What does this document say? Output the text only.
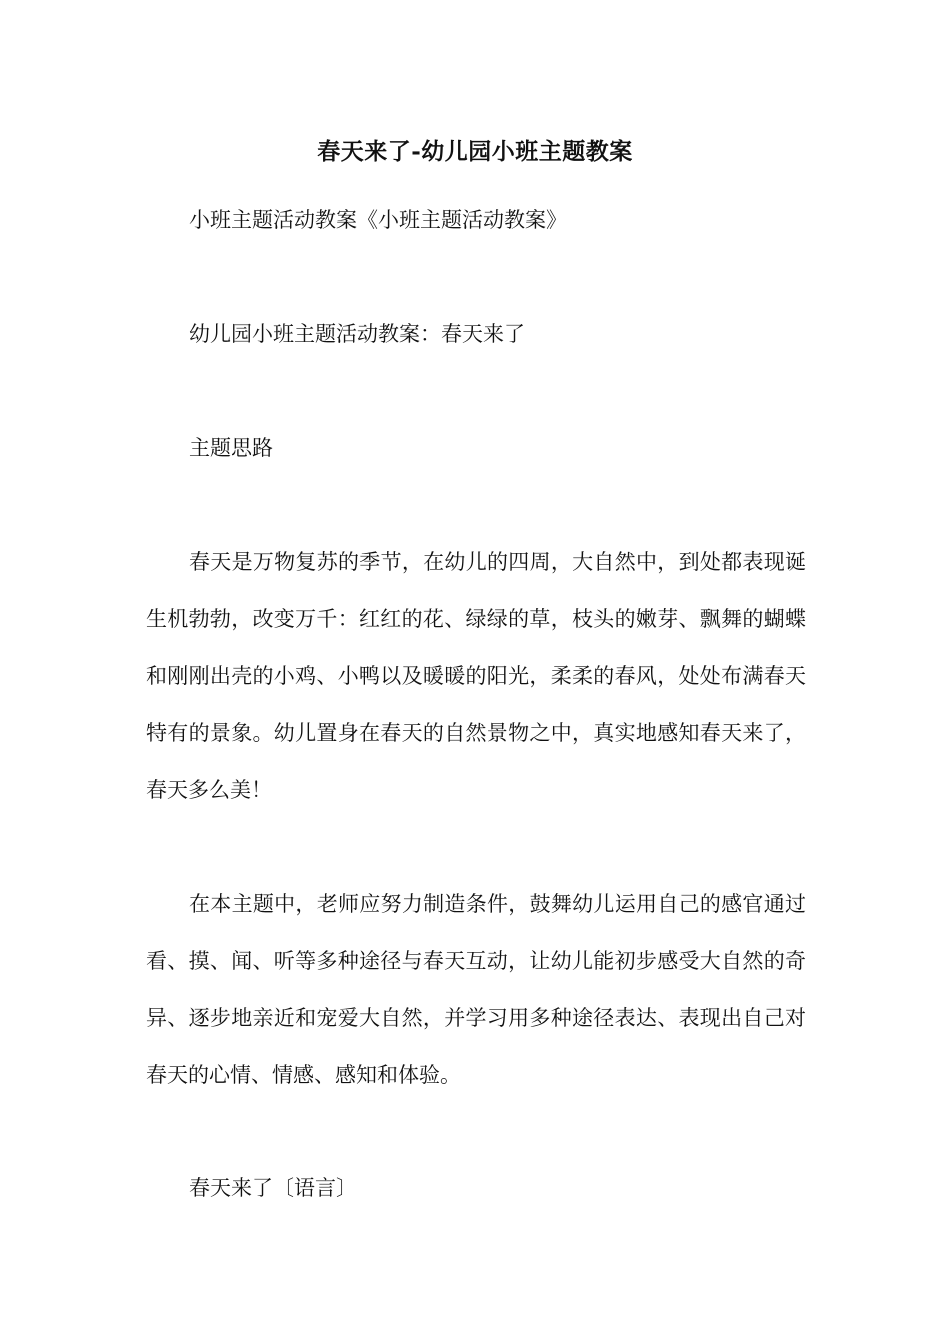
春天来了-幼儿园小班主题教案

小班主题活动教案《小班主题活动教案》

幼儿园小班主题活动教案：春天来了

主题思路

春天是万物复苏的季节，在幼儿的四周，大自然中，到处都表现诞生机勃勃，改变万千：红红的花、绿绿的草，枝头的嫩芽、飘舞的蝴蝶和刚刚出壳的小鸡、小鸭以及暖暖的阳光，柔柔的春风，处处布满春天特有的景象。幼儿置身在春天的自然景物之中，真实地感知春天来了，春天多么美！

在本主题中，老师应努力制造条件，鼓舞幼儿运用自己的感官通过看、摸、闻、听等多种途径与春天互动，让幼儿能初步感受大自然的奇异、逐步地亲近和宠爱大自然，并学习用多种途径表达、表现出自己对春天的心情、情感、感知和体验。

春天来了〔语言〕
